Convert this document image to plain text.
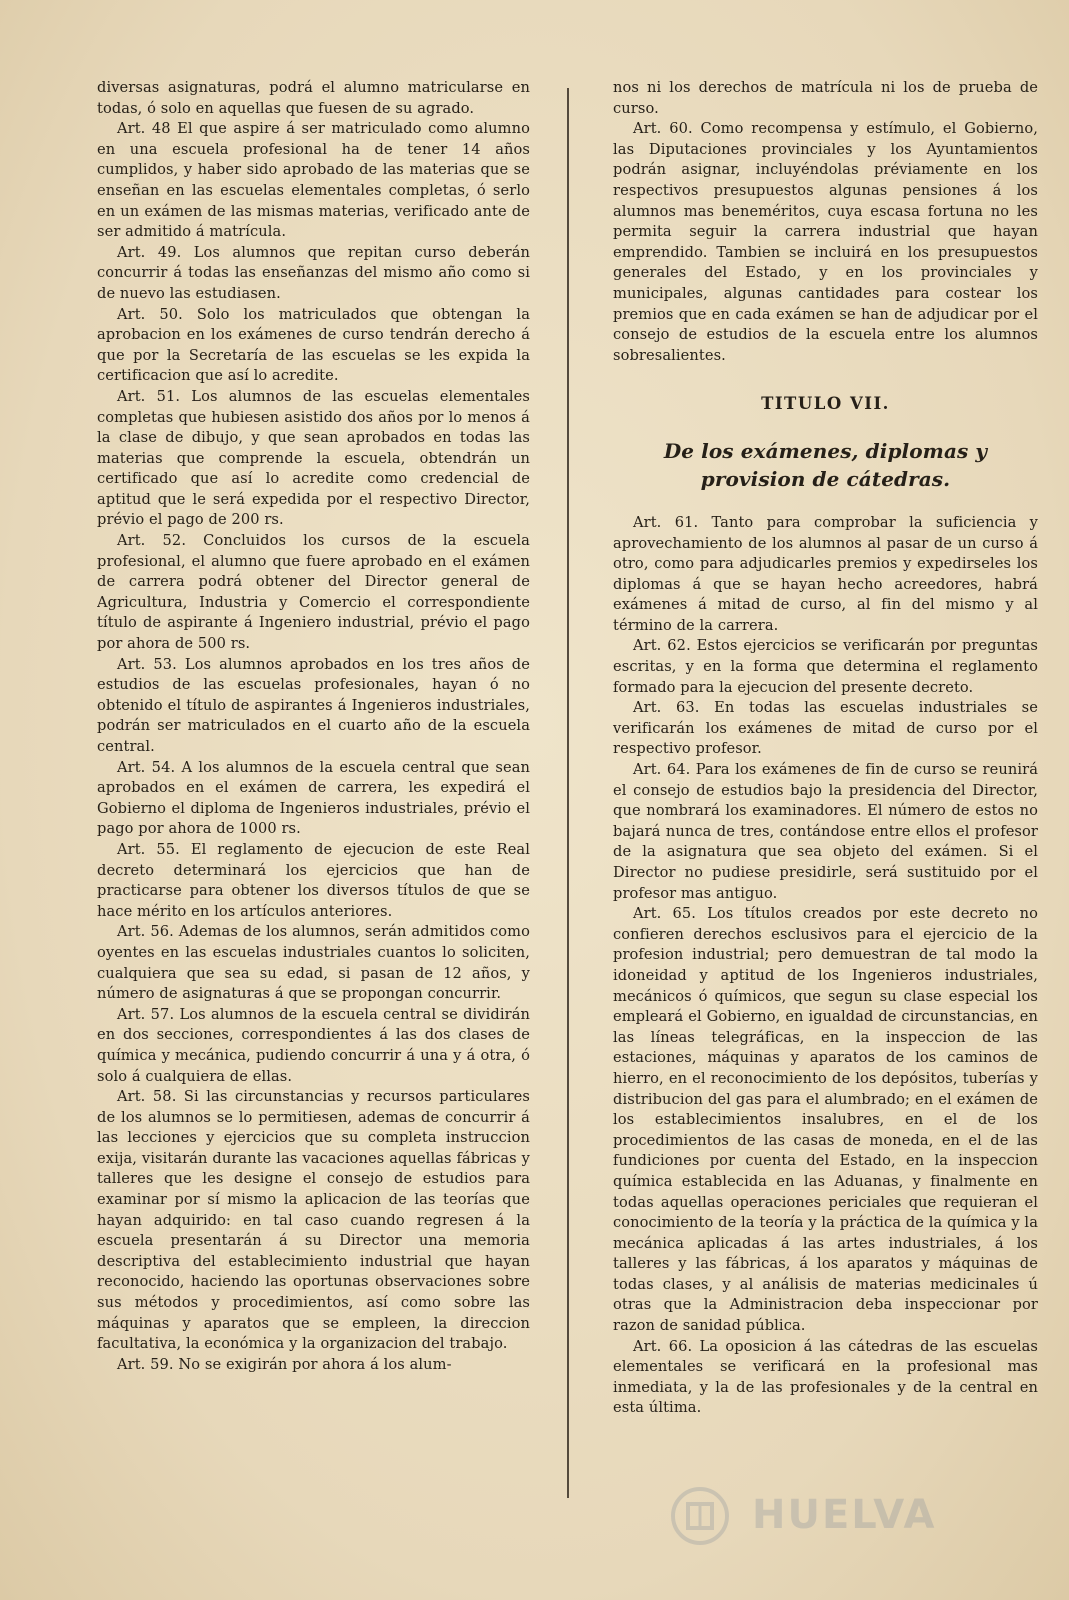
diversas asignaturas, podrá el alumno matricularse en todas, ó solo en aquellas que fuesen de su agrado.

Art. 48 El que aspire á ser matriculado como alumno en una escuela profesional ha de tener 14 años cumplidos, y haber sido aprobado de las materias que se enseñan en las escuelas elementales completas, ó serlo en un exámen de las mismas materias, verificado ante de ser admitido á matrícula.

Art. 49. Los alumnos que repitan curso deberán concurrir á todas las enseñanzas del mismo año como si de nuevo las estudiasen.

Art. 50. Solo los matriculados que obtengan la aprobacion en los exámenes de curso tendrán derecho á que por la Secretaría de las escuelas se les expida la certificacion que así lo acredite.

Art. 51. Los alumnos de las escuelas elementales completas que hubiesen asistido dos años por lo menos á la clase de dibujo, y que sean aprobados en todas las materias que comprende la escuela, obtendrán un certificado que así lo acredite como credencial de aptitud que le será expedida por el respectivo Director, prévio el pago de 200 rs.

Art. 52. Concluidos los cursos de la escuela profesional, el alumno que fuere aprobado en el exámen de carrera podrá obtener del Director general de Agricultura, Industria y Comercio el correspondiente título de aspirante á Ingeniero industrial, prévio el pago por ahora de 500 rs.

Art. 53. Los alumnos aprobados en los tres años de estudios de las escuelas profesionales, hayan ó no obtenido el título de aspirantes á Ingenieros industriales, podrán ser matriculados en el cuarto año de la escuela central.

Art. 54. A los alumnos de la escuela central que sean aprobados en el exámen de carrera, les expedirá el Gobierno el diploma de Ingenieros industriales, prévio el pago por ahora de 1000 rs.

Art. 55. El reglamento de ejecucion de este Real decreto determinará los ejercicios que han de practicarse para obtener los diversos títulos de que se hace mérito en los artículos anteriores.

Art. 56. Ademas de los alumnos, serán admitidos como oyentes en las escuelas industriales cuantos lo soliciten, cualquiera que sea su edad, si pasan de 12 años, y número de asignaturas á que se propongan concurrir.

Art. 57. Los alumnos de la escuela central se dividirán en dos secciones, correspondientes á las dos clases de química y mecánica, pudiendo concurrir á una y á otra, ó solo á cualquiera de ellas.

Art. 58. Si las circunstancias y recursos particulares de los alumnos se lo permitiesen, ademas de concurrir á las lecciones y ejercicios que su completa instruccion exija, visitarán durante las vacaciones aquellas fábricas y talleres que les designe el consejo de estudios para examinar por sí mismo la aplicacion de las teorías que hayan adquirido: en tal caso cuando regresen á la escuela presentarán á su Director una memoria descriptiva del establecimiento industrial que hayan reconocido, haciendo las oportunas observaciones sobre sus métodos y procedimientos, así como sobre las máquinas y aparatos que se empleen, la direccion facultativa, la económica y la organizacion del trabajo.

Art. 59. No se exigirán por ahora á los alum-

nos ni los derechos de matrícula ni los de prueba de curso.

Art. 60. Como recompensa y estímulo, el Gobierno, las Diputaciones provinciales y los Ayuntamientos podrán asignar, incluyéndolas préviamente en los respectivos presupuestos algunas pensiones á los alumnos mas beneméritos, cuya escasa fortuna no les permita seguir la carrera industrial que hayan emprendido. Tambien se incluirá en los presupuestos generales del Estado, y en los provinciales y municipales, algunas cantidades para costear los premios que en cada exámen se han de adjudicar por el consejo de estudios de la escuela entre los alumnos sobresalientes.

TITULO VII.
De los exámenes, diplomas y provision de cátedras.

Art. 61. Tanto para comprobar la suficiencia y aprovechamiento de los alumnos al pasar de un curso á otro, como para adjudicarles premios y expedirseles los diplomas á que se hayan hecho acreedores, habrá exámenes á mitad de curso, al fin del mismo y al término de la carrera.

Art. 62. Estos ejercicios se verificarán por preguntas escritas, y en la forma que determina el reglamento formado para la ejecucion del presente decreto.

Art. 63. En todas las escuelas industriales se verificarán los exámenes de mitad de curso por el respectivo profesor.

Art. 64. Para los exámenes de fin de curso se reunirá el consejo de estudios bajo la presidencia del Director, que nombrará los examinadores. El número de estos no bajará nunca de tres, contándose entre ellos el profesor de la asignatura que sea objeto del exámen. Si el Director no pudiese presidirle, será sustituido por el profesor mas antiguo.

Art. 65. Los títulos creados por este decreto no confieren derechos esclusivos para el ejercicio de la profesion industrial; pero demuestran de tal modo la idoneidad y aptitud de los Ingenieros industriales, mecánicos ó químicos, que segun su clase especial los empleará el Gobierno, en igualdad de circunstancias, en las líneas telegráficas, en la inspeccion de las estaciones, máquinas y aparatos de los caminos de hierro, en el reconocimiento de los depósitos, tuberías y distribucion del gas para el alumbrado; en el exámen de los establecimientos insalubres, en el de los procedimientos de las casas de moneda, en el de las fundiciones por cuenta del Estado, en la inspeccion química establecida en las Aduanas, y finalmente en todas aquellas operaciones periciales que requieran el conocimiento de la teoría y la práctica de la química y la mecánica aplicadas á las artes industriales, á los talleres y las fábricas, á los aparatos y máquinas de todas clases, y al análisis de materias medicinales ú otras que la Administracion deba inspeccionar por razon de sanidad pública.

Art. 66. La oposicion á las cátedras de las escuelas elementales se verificará en la profesional mas inmediata, y la de las profesionales y de la central en esta última.

HUELVA
